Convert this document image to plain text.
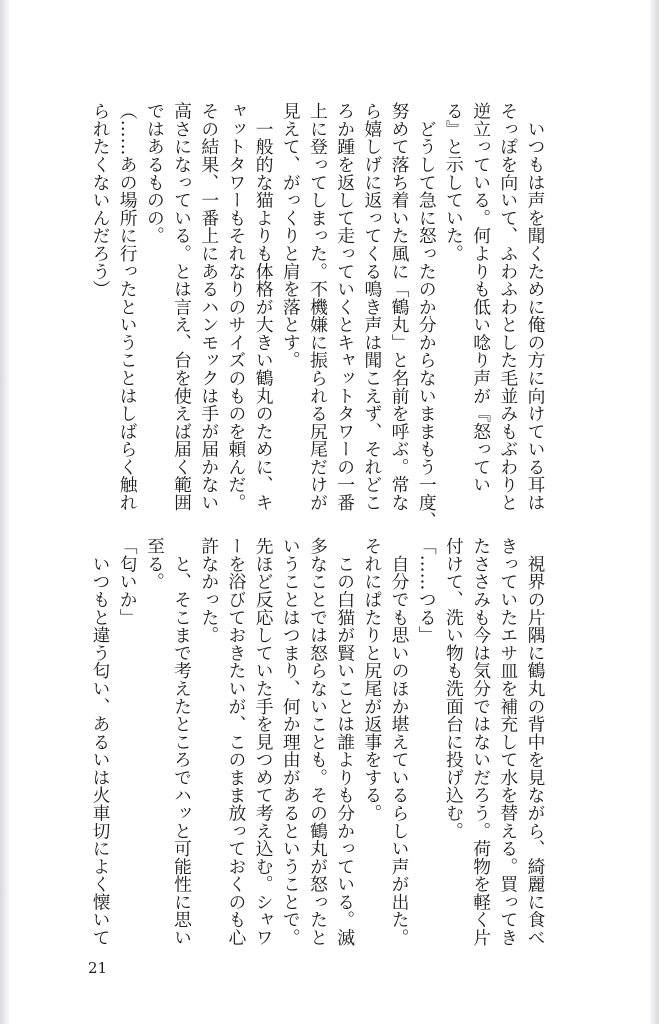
　いつもは声を聞くために俺の方に向けている耳は
そっぽを向いて、ふわふわとした毛並みもぶわりと
逆立っている。何よりも低い唸り声が『怒ってい
る』と示していた。
　どうして急に怒ったのか分からないままもう一度、
努めて落ち着いた風に「鶴丸」と名前を呼ぶ。常な
ら嬉しげに返ってくる鳴き声は聞こえず、それどこ
ろか踵を返して走っていくとキャットタワーの一番
上に登ってしまった。不機嫌に振られる尻尾だけが
見えて、がっくりと肩を落とす。
　一般的な猫よりも体格が大きい鶴丸のために、キ
ャットタワーもそれなりのサイズのものを頼んだ。
その結果、一番上にあるハンモックは手が届かない
高さになっている。とは言え、台を使えば届く範囲
ではあるものの。
（……あの場所に行ったということはしばらく触れ
られたくないんだろう）
　視界の片隅に鶴丸の背中を見ながら、綺麗に食べ
きっていたエサ皿を補充して水を替える。買ってき
たささみも今は気分ではないだろう。荷物を軽く片
付けて、洗い物も洗面台に投げ込む。
「……つる」
　自分でも思いのほか堪えているらしい声が出た。
それにぱたりと尻尾が返事をする。
　この白猫が賢いことは誰よりも分かっている。滅
多なことでは怒らないことも。その鶴丸が怒ったと
いうことはつまり、何か理由があるということで。
先ほど反応していた手を見つめて考え込む。シャワ
ーを浴びておきたいが、このまま放っておくのも心
許なかった。
　と、そこまで考えたところでハッと可能性に思い
至る。
「匂いか」
　いつもと違う匂い、あるいは火車切によく懐いて
21
